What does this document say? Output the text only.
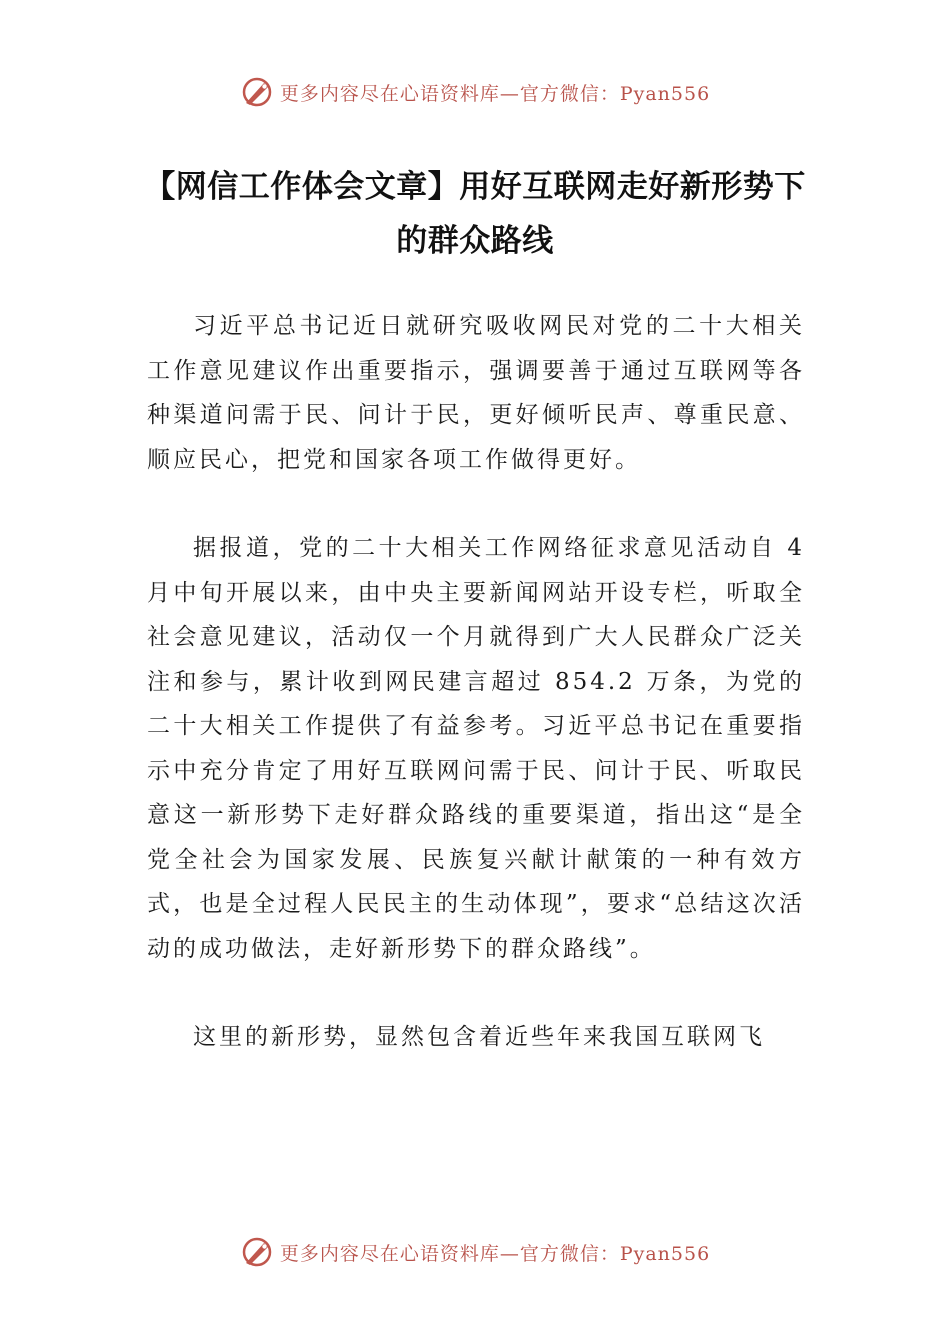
更多内容尽在心语资料库—官方微信：Pyan556
【网信工作体会文章】用好互联网走好新形势下的群众路线

习近平总书记近日就研究吸收网民对党的二十大相关工作意见建议作出重要指示，强调要善于通过互联网等各种渠道问需于民、问计于民，更好倾听民声、尊重民意、顺应民心，把党和国家各项工作做得更好。

据报道，党的二十大相关工作网络征求意见活动自 4 月中旬开展以来，由中央主要新闻网站开设专栏，听取全社会意见建议，活动仅一个月就得到广大人民群众广泛关注和参与，累计收到网民建言超过 854.2 万条，为党的二十大相关工作提供了有益参考。习近平总书记在重要指示中充分肯定了用好互联网问需于民、问计于民、听取民意这一新形势下走好群众路线的重要渠道，指出这“是全党全社会为国家发展、民族复兴献计献策的一种有效方式，也是全过程人民民主的生动体现”，要求“总结这次活动的成功做法，走好新形势下的群众路线”。

这里的新形势，显然包含着近些年来我国互联网飞

更多内容尽在心语资料库—官方微信：Pyan556
